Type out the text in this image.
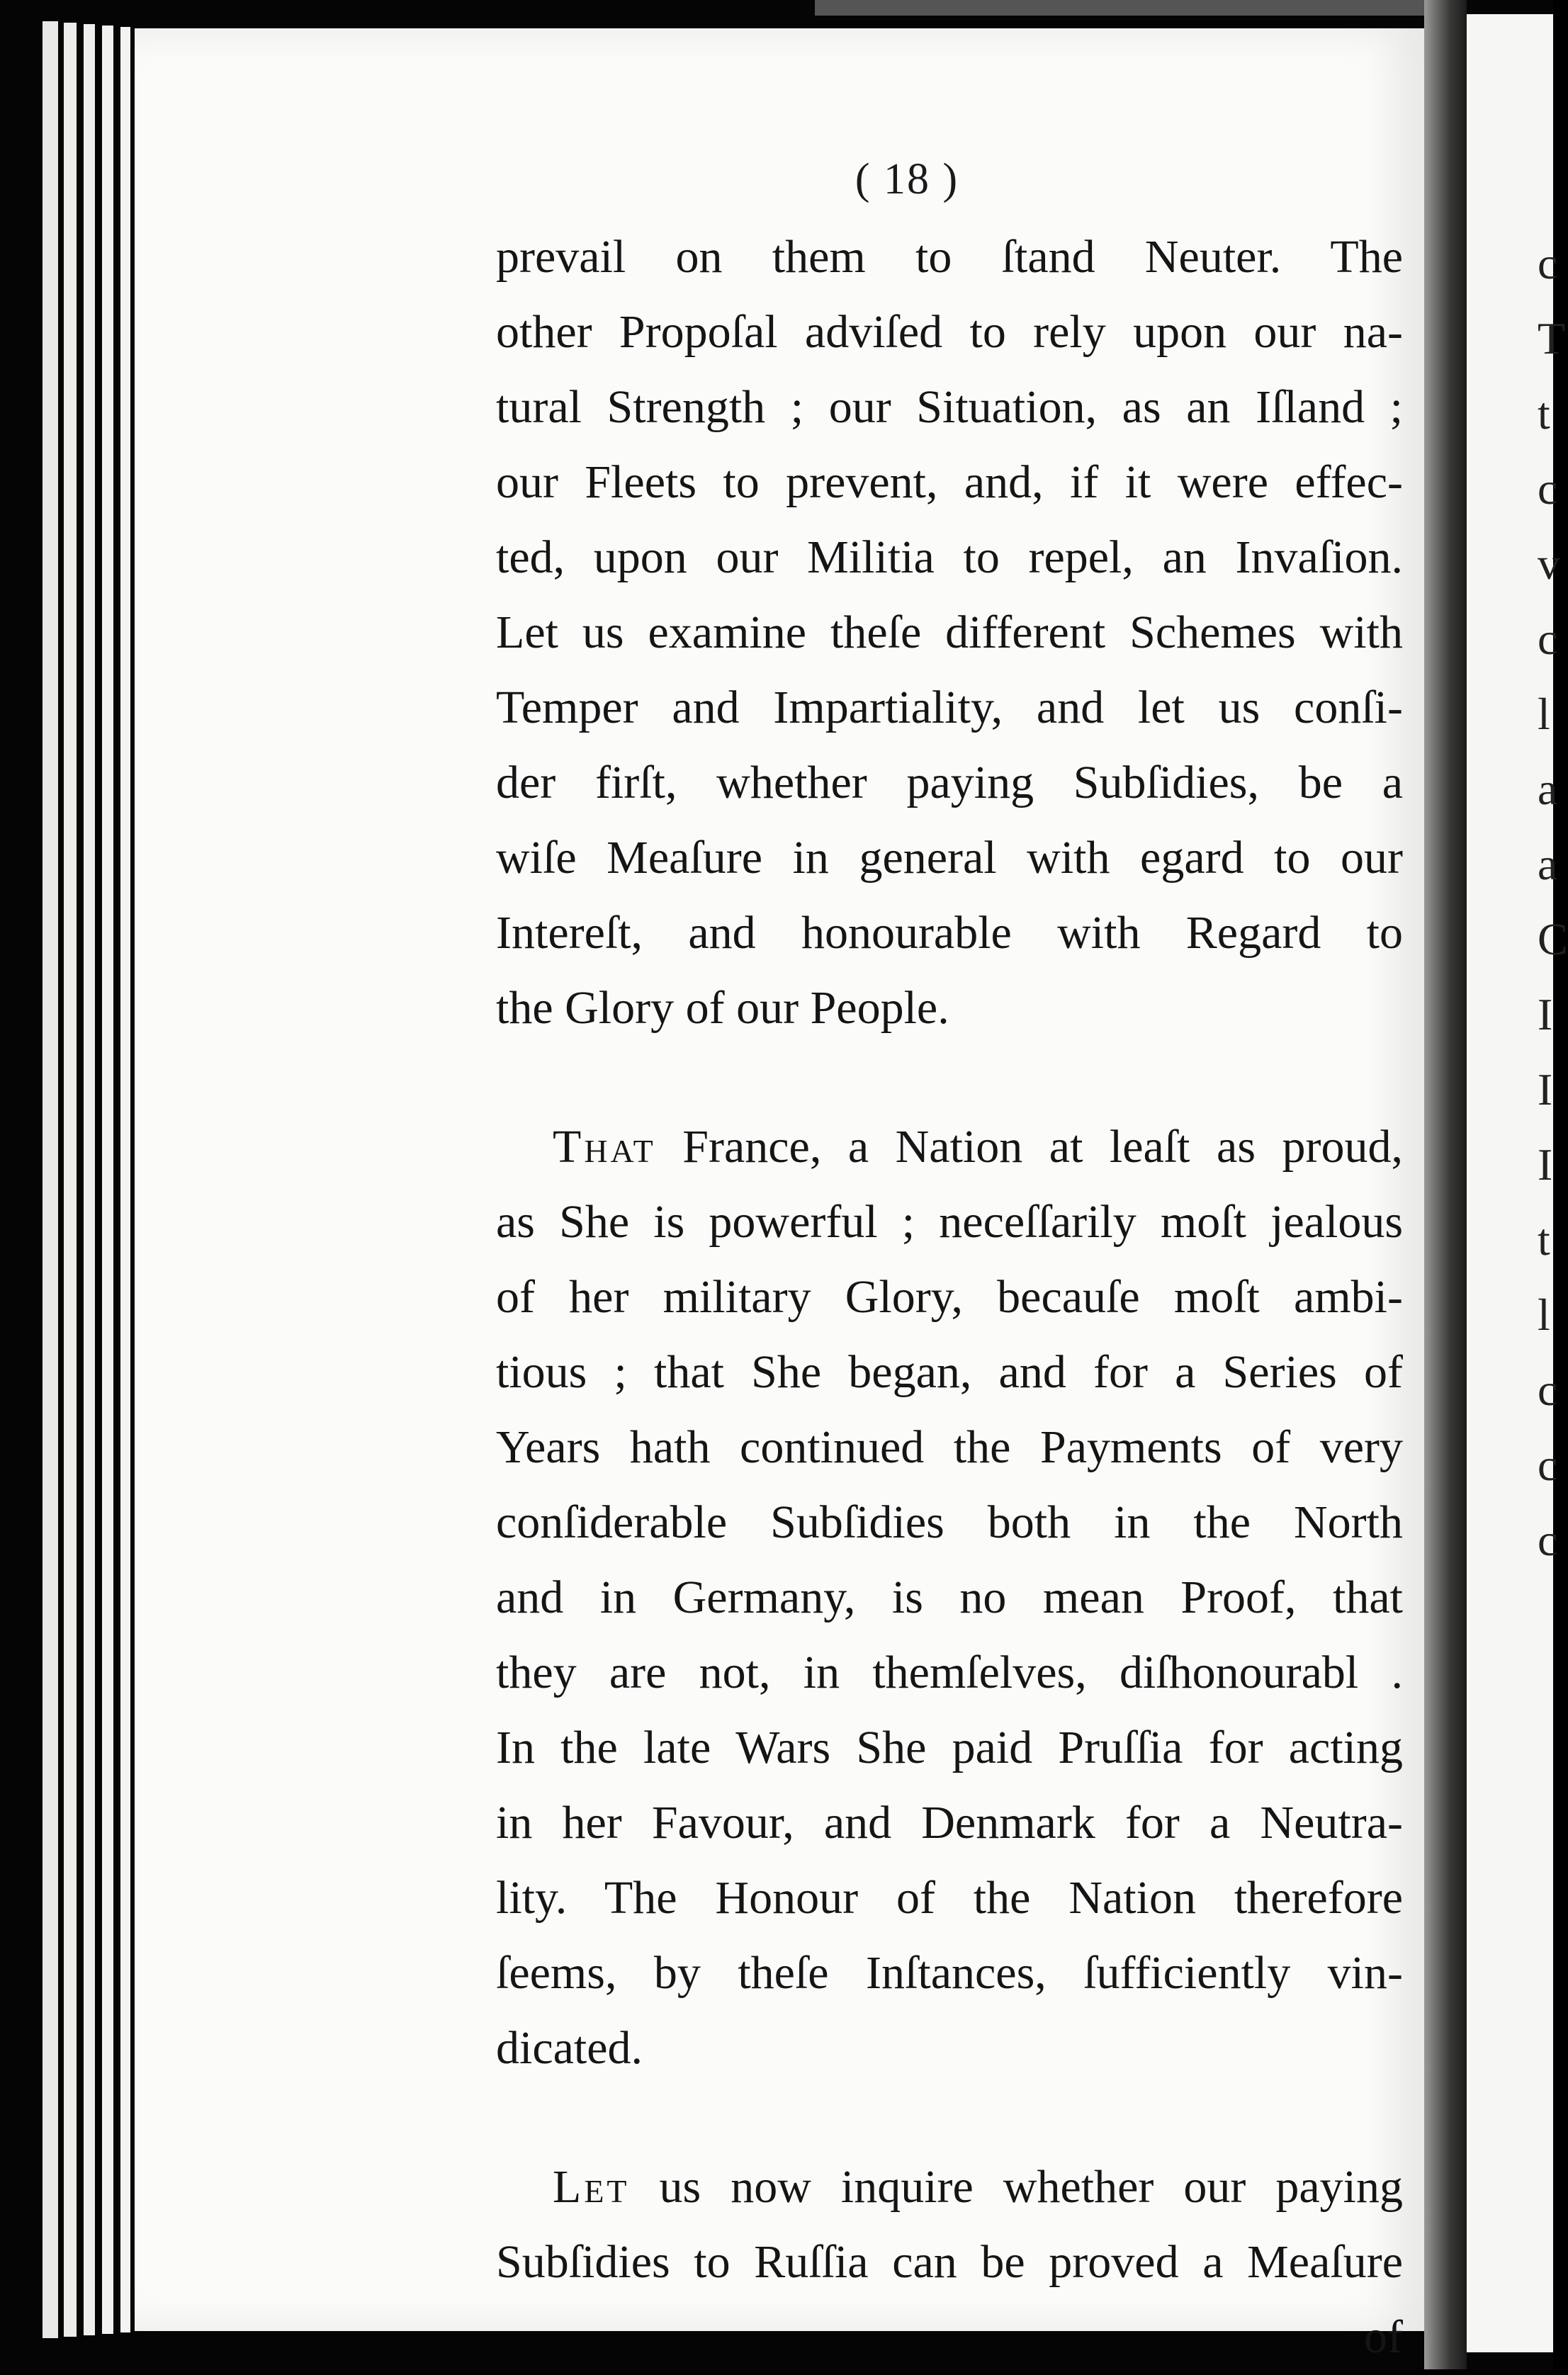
c
T
t
c
v
c
l
a
a
C
I
I
I
t
l
c
c
c
( 18 )
prevail on them to ſtand Neuter. The
other Propoſal adviſed to rely upon our na-
tural Strength ; our Situation, as an Iſland ;
our Fleets to prevent, and, if it were effec-
ted, upon our Militia to repel, an Invaſion.
Let us examine theſe different Schemes with
Temper and Impartiality, and let us conſi-
der firſt, whether paying Subſidies, be a
wiſe Meaſure in general with egard to our
Intereſt, and honourable with Regard to
the Glory of our People.
That France, a Nation at leaſt as proud,
as She is powerful ; neceſſarily moſt jealous
of her military Glory, becauſe moſt ambi-
tious ; that She began, and for a Series of
Years hath continued the Payments of very
conſiderable Subſidies both in the North
and in Germany, is no mean Proof, that
they are not, in themſelves, diſhonourabl .
In the late Wars She paid Pruſſia for acting
in her Favour, and Denmark for a Neutra-
lity. The Honour of the Nation therefore
ſeems, by theſe Inſtances, ſufficiently vin-
dicated.
Let us now inquire whether our paying
Subſidies to Ruſſia can be proved a Meaſure
of
